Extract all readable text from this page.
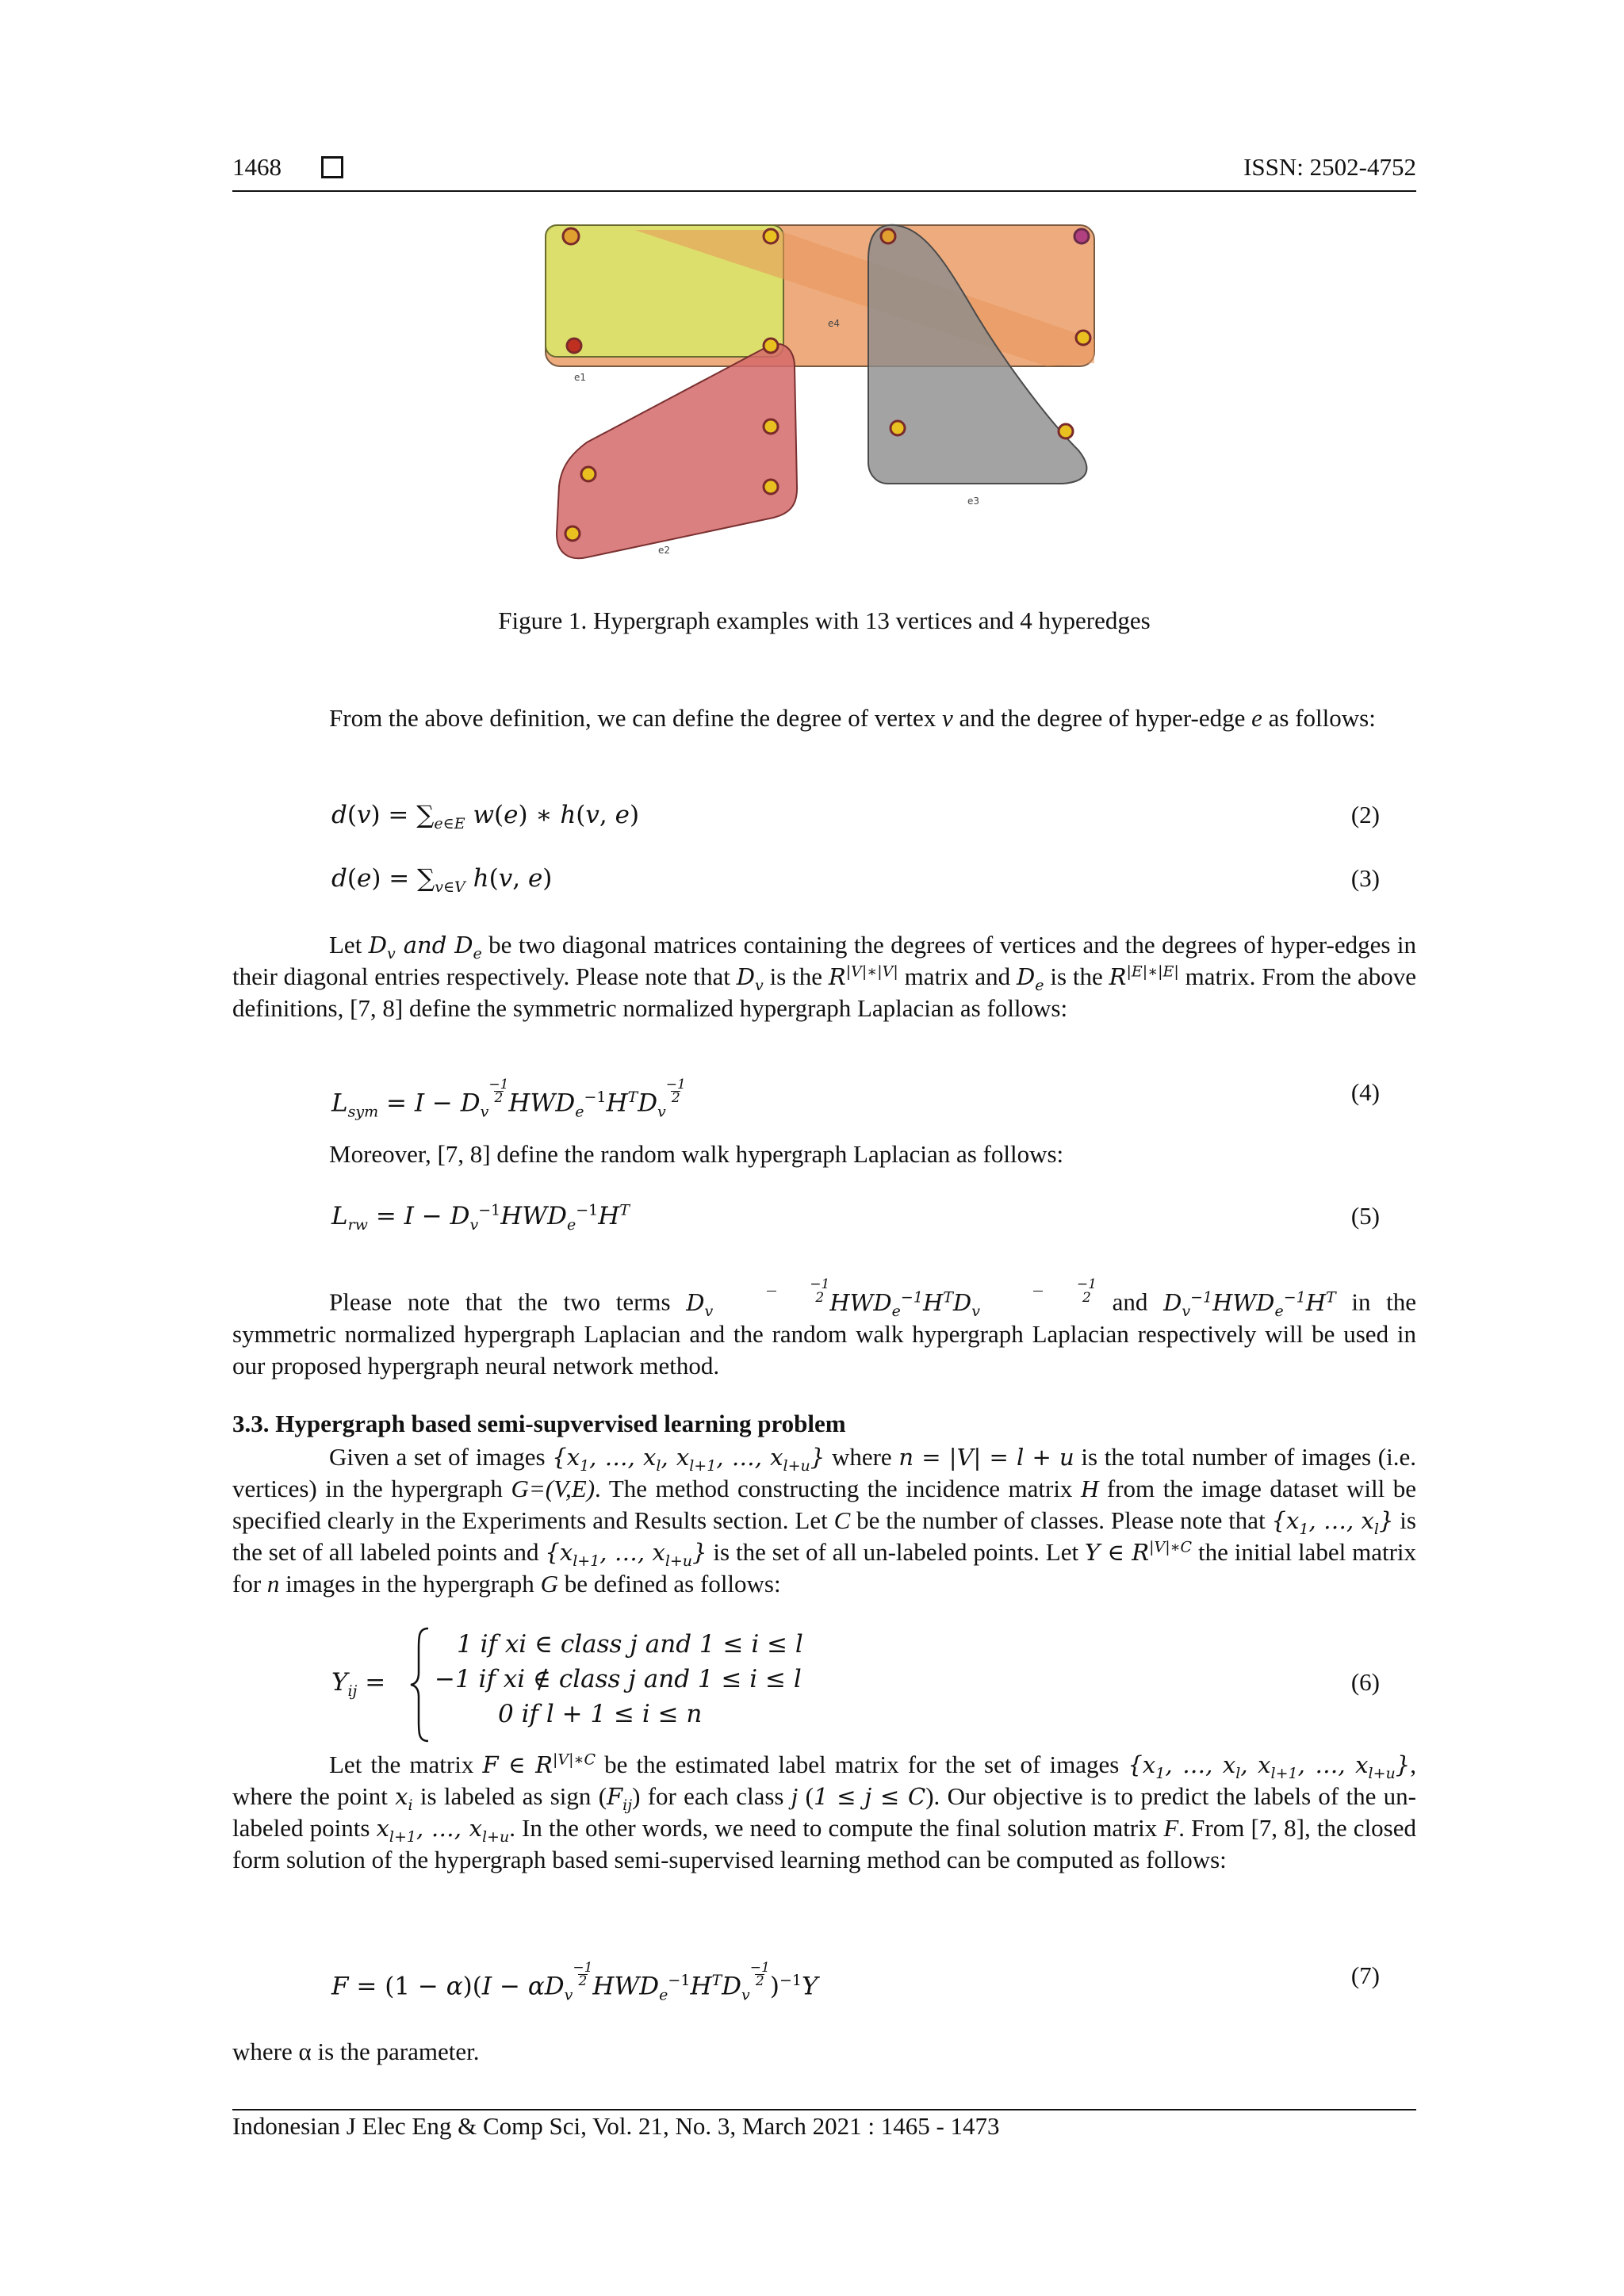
1468	ISSN: 2502-4752
e1
e2
e3
e4
Figure 1. Hypergraph examples with 13 vertices and 4 hyperedges
From the above definition, we can define the degree of vertex v and the degree of hyper-edge e as follows:
$d(v) = \sum_{e\in E}$ w(e) ∗ h(v, e)	(2)
$d(e) = \sum_{v\in V}$ h(v, e)	(3)
Let $D_v$ and $D_e$ be two diagonal matrices containing the degrees of vertices and the degrees of hyper-edges in their diagonal entries respectively. Please note that $D_v$ is the $R^{|V|∗|V|}$ matrix and $D_e$ is the $R^{|E|∗|E|}$ matrix. From the above definitions, [7, 8] define the symmetric normalized hypergraph Laplacian as follows:
$L_{sym} = I - D_v$
$\frac{-1}{2} HWD_e^{-1}H^TD_v$
$\frac{-1}{2}$	(4)
Moreover, [7, 8] define the random walk hypergraph Laplacian as follows:
$L_{rw} = I - D_v^{-1}HWD_e^{-1}H^T$	(5)
Please note that the two terms $D_v$
$\frac{-1}{2} HWD_e^{-1}H^TD_v$
$\frac{-1}{2}$ and $D_v^{-1}HWD_e^{-1}H^T$ in the symmetric normalized hypergraph Laplacian and the random walk hypergraph Laplacian respectively will be used in our proposed hypergraph neural network method.
3.3. Hypergraph based semi-supvervised learning problem
Given a set of images {$x_1$, …, $x_l$, $x_{l+1}$, …, $x_{l+u}$} where n = |V| = l + u is the total number of images (i.e. vertices) in the hypergraph G=(V,E). The method constructing the incidence matrix H from the image dataset will be specified clearly in the Experiments and Results section. Let C be the number of classes. Please note that {$x_1$, …, $x_l$} is the set of all labeled points and {$x_{l+1}$, …, $x_{l+u}$} is the set of all un-labeled points. Let Y ∈ $R^{|V|∗C}$ the initial label matrix for n images in the hypergraph G be defined as follows:
$Y_{ij}$ =
1 if xi ∈ class j and 1 ≤ i ≤ l
−1 if xi ∉ class j and 1 ≤ i ≤ l
0 if l + 1 ≤ i ≤ n
(6)
Let the matrix F ∈ $R^{|V|∗C}$ be the estimated label matrix for the set of images {$x_1$, …, $x_l$, $x_{l+1}$, …, $x_{l+u}$}, where the point $x_i$ is labeled as sign $(F_{ij})$ for each class j (1 ≤ j ≤ C). Our objective is to predict the labels of the un-labeled points $x_{l+1}$, …, $x_{l+u}$. In the other words, we need to compute the final solution matrix F. From [7, 8], the closed form solution of the hypergraph based semi-supervised learning method can be computed as follows:
$F = (1 - \alpha)(I - \alpha D_v$
$\frac{-1}{2} HWD_e^{-1}H^TD_v$
$\frac{-1}{2} )^{-1}Y$	(7)
where α is the parameter.
Indonesian J Elec Eng & Comp Sci, Vol. 21, No. 3, March 2021 : 1465 - 1473
